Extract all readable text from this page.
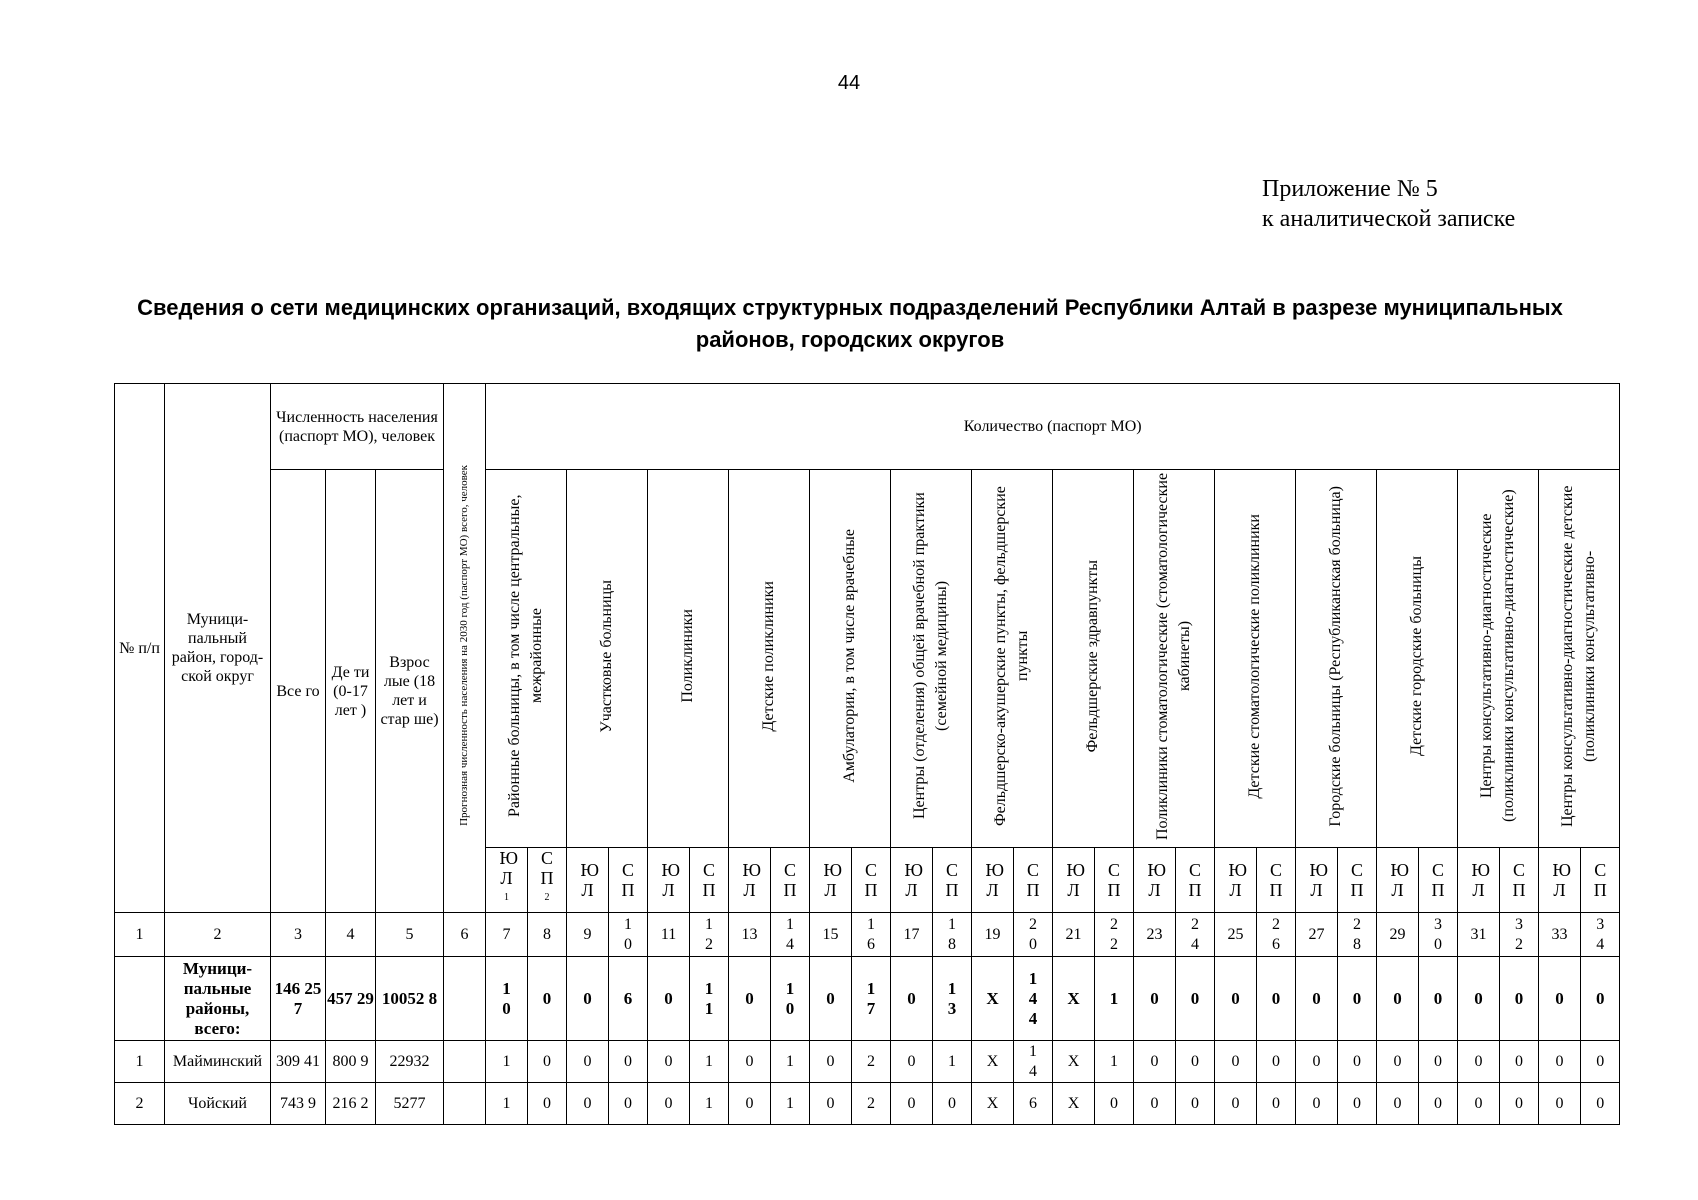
44
Приложение № 5
к аналитической записке
Сведения о сети медицинских организаций, входящих структурных подразделений Республики Алтай в разрезе муниципальных
районов, городских округов
№ п/п	Муници-пальный район, город-ской округ	Численность населения (паспорт МО), человек			Прогнозная численность населения на 2030 год (паспорт МО) всего, человек	Количество (паспорт МО)																											
		Все го	Де ти (0-17 лет )	Взрос лые (18 лет и стар ше)		Районные больницы, в том числе центральные, межрайонные		Участковые больницы		Поликлиники		Детские поликлиники		Амбулатории, в том числе врачебные		Центры (отделения) общей врачебной практики (семейной медицины)		Фельдшерско-акушерские пункты, фельдшерские пункты		Фельдшерские здравпункты		Поликлиники стоматологические (стоматологические кабинеты)		Детские стоматологические поликлиники		Городские больницы (Республиканская больница)		Детские городские больницы		Центры консультативно-диагностические (поликлиники консультативно-диагностические)		Центры консультативно-диагностические детские (поликлиники консультативно-	
						Ю $Л^1$	С $П^2$	Ю Л	С П	Ю Л	С П	Ю Л	С П	Ю Л	С П	Ю Л	С П	Ю Л	С П	Ю Л	С П	Ю Л	С П	Ю Л	С П	Ю Л	С П	Ю Л	С П	Ю Л	С П	Ю Л	С П
1	2	3	4	5	6	7	8	9	10	11	12	13	14	15	16	17	18	19	20	21	22	23	24	25	26	27	28	29	30	31	32	33	34
	Муници-пальные районы, всего:	146 257	457 29	10052 8		10	0	0	6	0	11	0	10	0	17	0	13	X	144	X	1	0	0	0	0	0	0	0	0	0	0	0	0
1	Майминский	309 41	800 9	22932		1	0	0	0	0	1	0	1	0	2	0	1	X	14	X	1	0	0	0	0	0	0	0	0	0	0	0	0
2	Чойский	743 9	216 2	5277		1	0	0	0	0	1	0	1	0	2	0	0	X	6	X	0	0	0	0	0	0	0	0	0	0	0	0	0
